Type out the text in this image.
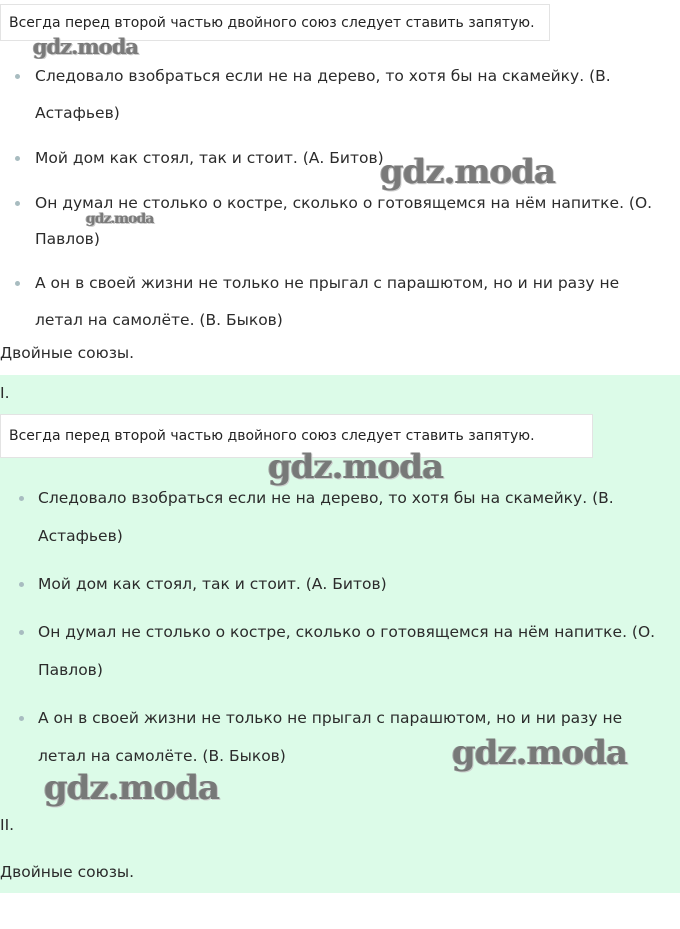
Всегда перед второй частью двойного союз следует ставить запятую.
Следовало взобраться если не на дерево, то хотя бы на скамейку. (В. Астафьев)
Мой дом как стоял, так и стоит. (А. Битов)
Он думал не столько о костре, сколько о готовящемся на нём напитке. (О. Павлов)
А он в своей жизни не только не прыгал с парашютом, но и ни разу не летал на самолёте. (В. Быков)
Двойные союзы.
I.
Всегда перед второй частью двойного союз следует ставить запятую.
Следовало взобраться если не на дерево, то хотя бы на скамейку. (В. Астафьев)
Мой дом как стоял, так и стоит. (А. Битов)
Он думал не столько о костре, сколько о готовящемся на нём напитке. (О. Павлов)
А он в своей жизни не только не прыгал с парашютом, но и ни разу не летал на самолёте. (В. Быков)
II.
Двойные союзы.
gdz.moda
gdz.moda
gdz.moda
gdz.moda
gdz.moda
gdz.moda
